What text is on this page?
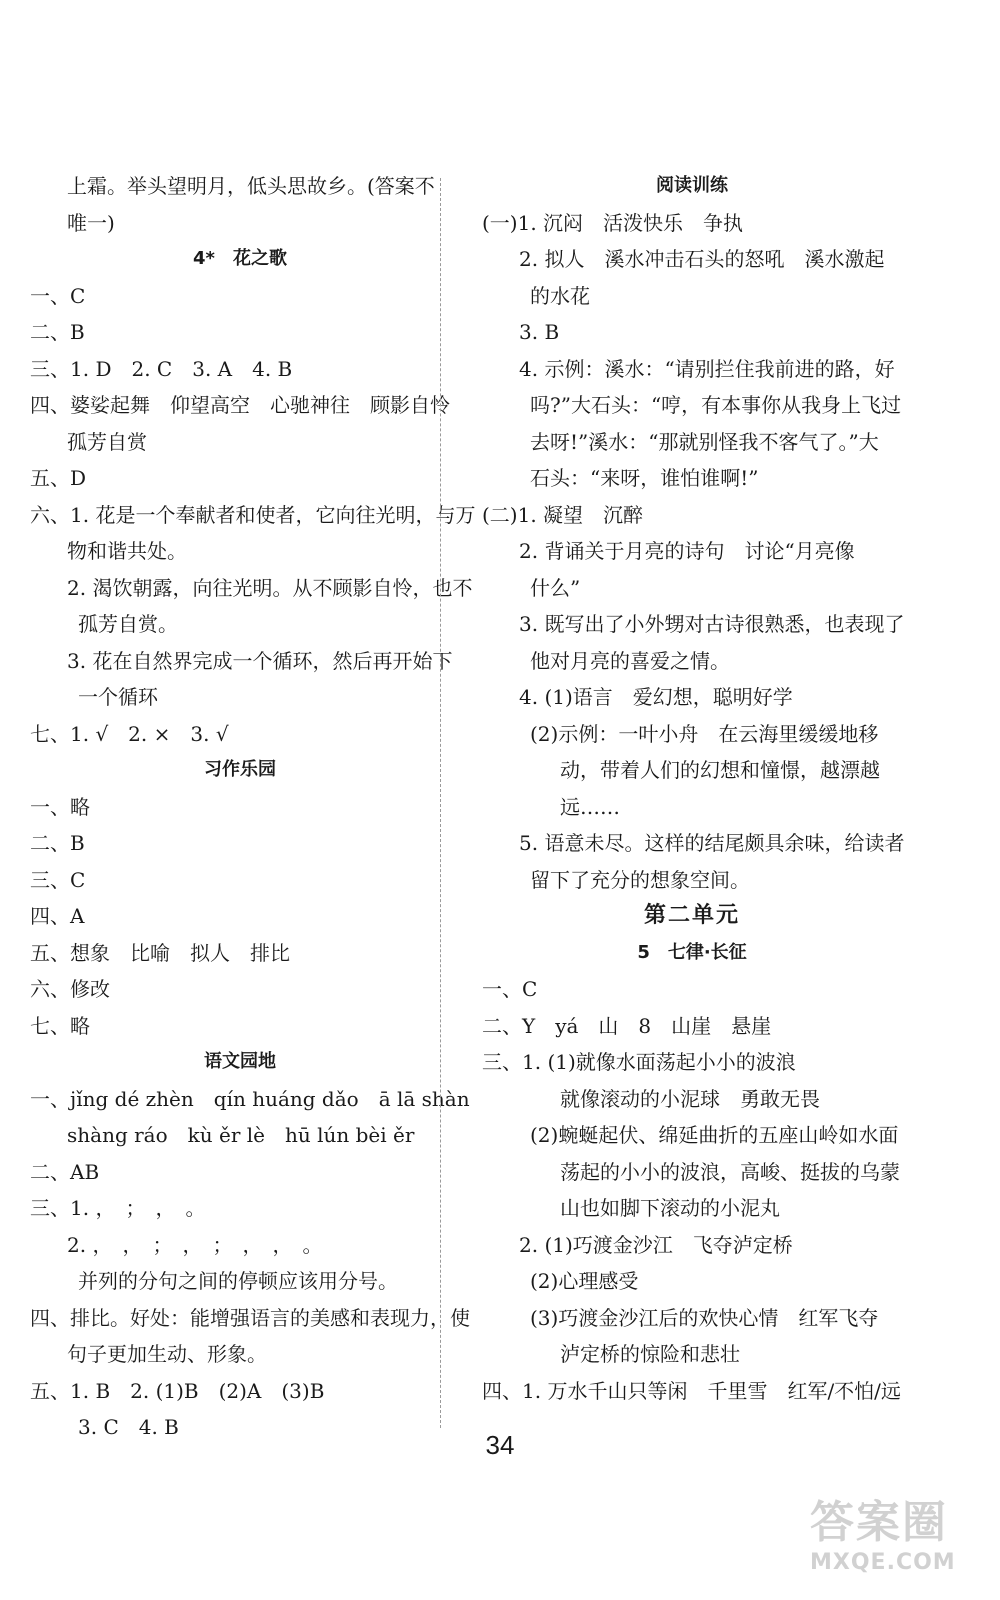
上霜。举头望明月，低头思故乡。(答案不
唯一)
4*　花之歌
一、C
二、B
三、1. D　2. C　3. A　4. B
四、婆娑起舞　仰望高空　心驰神往　顾影自怜
孤芳自赏
五、D
六、1. 花是一个奉献者和使者，它向往光明，与万
物和谐共处。
2. 渴饮朝露，向往光明。从不顾影自怜，也不
孤芳自赏。
3. 花在自然界完成一个循环，然后再开始下
一个循环
七、1. √　2. ×　3. √
习作乐园
一、略
二、B
三、C
四、A
五、想象　比喻　拟人　排比
六、修改
七、略
语文园地
一、jǐng dé zhèn　qín huáng dǎo　ā lā shàn
shàng ráo　kù ěr lè　hū lún bèi ěr
二、AB
三、1. ，　；　，　。
2. ，　，　；　，　；　，　，　。
并列的分句之间的停顿应该用分号。
四、排比。好处：能增强语言的美感和表现力，使
句子更加生动、形象。
五、1. B　2. (1)B　(2)A　(3)B
3. C　4. B
阅读训练
(一)1. 沉闷　活泼快乐　争执
2. 拟人　溪水冲击石头的怒吼　溪水激起
的水花
3. B
4. 示例：溪水：“请别拦住我前进的路，好
吗?”大石头：“哼，有本事你从我身上飞过
去呀!”溪水：“那就别怪我不客气了。”大
石头：“来呀，谁怕谁啊!”
(二)1. 凝望　沉醉
2. 背诵关于月亮的诗句　讨论“月亮像
什么”
3. 既写出了小外甥对古诗很熟悉，也表现了
他对月亮的喜爱之情。
4. (1)语言　爱幻想，聪明好学
(2)示例：一叶小舟　在云海里缓缓地移
动，带着人们的幻想和憧憬，越漂越
远……
5. 语意未尽。这样的结尾颇具余味，给读者
留下了充分的想象空间。
第二单元
5　七律·长征
一、C
二、Y　yá　山　8　山崖　悬崖
三、1. (1)就像水面荡起小小的波浪
就像滚动的小泥球　勇敢无畏
(2)蜿蜒起伏、绵延曲折的五座山岭如水面
荡起的小小的波浪，高峻、挺拔的乌蒙
山也如脚下滚动的小泥丸
2. (1)巧渡金沙江　飞夺泸定桥
(2)心理感受
(3)巧渡金沙江后的欢快心情　红军飞夺
泸定桥的惊险和悲壮
四、1. 万水千山只等闲　千里雪　红军/不怕/远
34
答案圈
MXQE.COM
